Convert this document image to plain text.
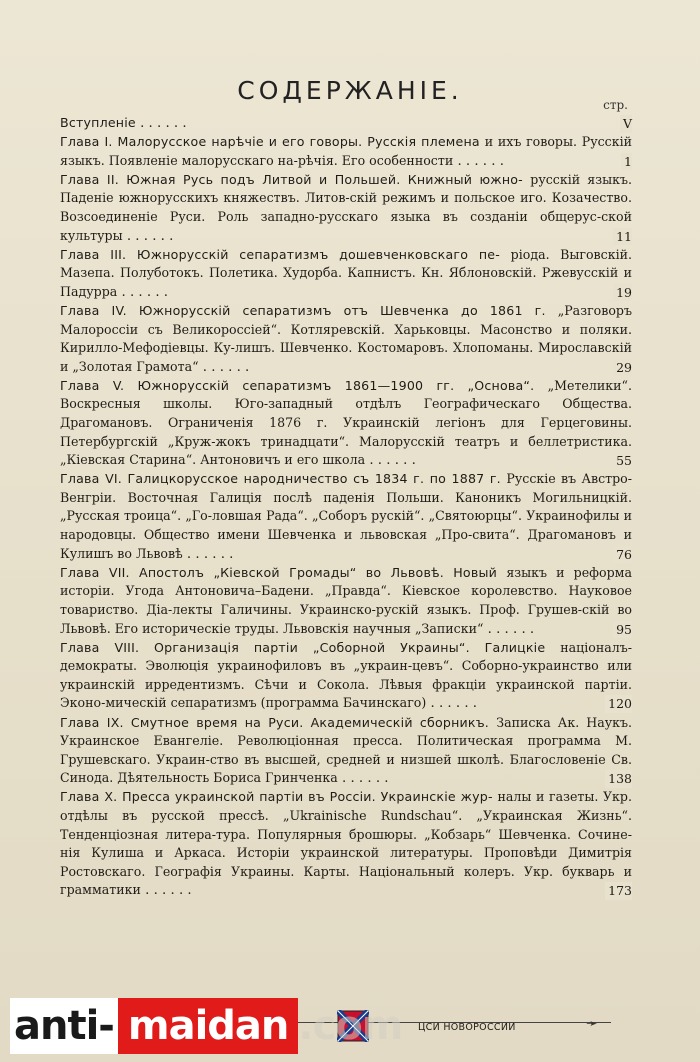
СОДЕРЖАНІЕ.	стр.
Вступленіе . . . . . .	V
Глава I. Малорусское нарѣчіе и его говоры. Русскія племена и ихъ говоры. Русскій языкъ. Появленіе малорусскаго на-рѣчія. Его особенности . . . . . .	1
Глава II. Южная Русь подъ Литвой и Польшей. Книжный южно- русскій языкъ. Паденіе южнорусскихъ княжествъ. Литов-скій режимъ и польское иго. Козачество. Возсоединеніе Руси. Роль западно-русскаго языка въ созданіи общерус-ской культуры . . . . . .	11
Глава III. Южнорусскій сепаратизмъ дошевченковскаго пе- ріода. Выговскій. Мазепа. Полуботокъ. Полетика. Худорба. Капнистъ. Кн. Яблоновскій. Ржевусскій и Падурра . . . . . .	19
Глава IV. Южнорусскій сепаратизмъ отъ Шевченка до 1861 г. „Разговоръ Малороссіи съ Великороссіей“. Котляревскій. Харьковцы. Масонство и поляки. Кирилло-Мефодіевцы. Ку-лишъ. Шевченко. Костомаровъ. Хлопоманы. Мирославскій и „Золотая Грамота“ . . . . . .	29
Глава V. Южнорусскій сепаратизмъ 1861—1900 гг. „Основа“. „Метелики“. Воскресныя школы. Юго-западный отдѣлъ Географическаго Общества. Драгомановъ. Ограниченія 1876 г. Украинскій легіонъ для Герцеговины. Петербургскій „Круж-жокъ тринадцати“. Малорусскій театръ и беллетристика. „Кіевская Старина“. Антоновичъ и его школа . . . . . .	55
Глава VI. Галицкорусское народничество съ 1834 г. по 1887 г. Русскіе въ Австро-Венгріи. Восточная Галиція послѣ паденія Польши. Каноникъ Могильницкій. „Русская троица“. „Го-ловшая Рада“. „Соборъ рускій“. „Святоюрцы“. Украинофилы и народовцы. Общество имени Шевченка и львовская „Про-свита“. Драгомановъ и Кулишъ во Львовѣ . . . . . .	76
Глава VII. Апостолъ „Кіевской Громады“ во Львовѣ. Новый языкъ и реформа исторіи. Угода Антоновича–Бадени. „Правда“. Кіевское королевство. Науковое товариство. Діа-лекты Галичины. Украинско-рускій языкъ. Проф. Грушев-скій во Львовѣ. Его историческіе труды. Львовскія научныя „Записки“ . . . . . .	95
Глава VIII. Организація партіи „Соборной Украины“. Галицкіе націоналъ-демократы. Эволюція украинофиловъ въ „украин-цевъ“. Соборно-украинство или украинскій ирредентизмъ. Сѣчи и Сокола. Лѣвыя фракціи украинской партіи. Эконо-мическій сепаратизмъ (программа Бачинскаго) . . . . . .	120
Глава IX. Смутное время на Руси. Академическій сборникъ. Записка Ак. Наукъ. Украинское Евангеліе. Революціонная пресса. Политическая программа М. Грушевскаго. Украин-ство въ высшей, средней и низшей школѣ. Благословеніе Св. Синода. Дѣятельность Бориса Гринченка . . . . . .	138
Глава X. Пресса украинской партіи въ Россіи. Украинскіе жур- налы и газеты. Укр. отдѣлы въ русской прессѣ. „Ukrainische Rundschau“. „Украинская Жизнь“. Тенденціозная литера-тура. Популярныя брошюры. „Кобзарь“ Шевченка. Сочине-нія Кулиша и Аркаса. Исторіи украинской литературы. Проповѣди Димитрія Ростовскаго. Географія Украины. Карты. Національный колеръ. Укр. букварь и грамматики . . . . . .	173
ЦСИ НОВОРОССИИ	➛
anti- maidan .com
